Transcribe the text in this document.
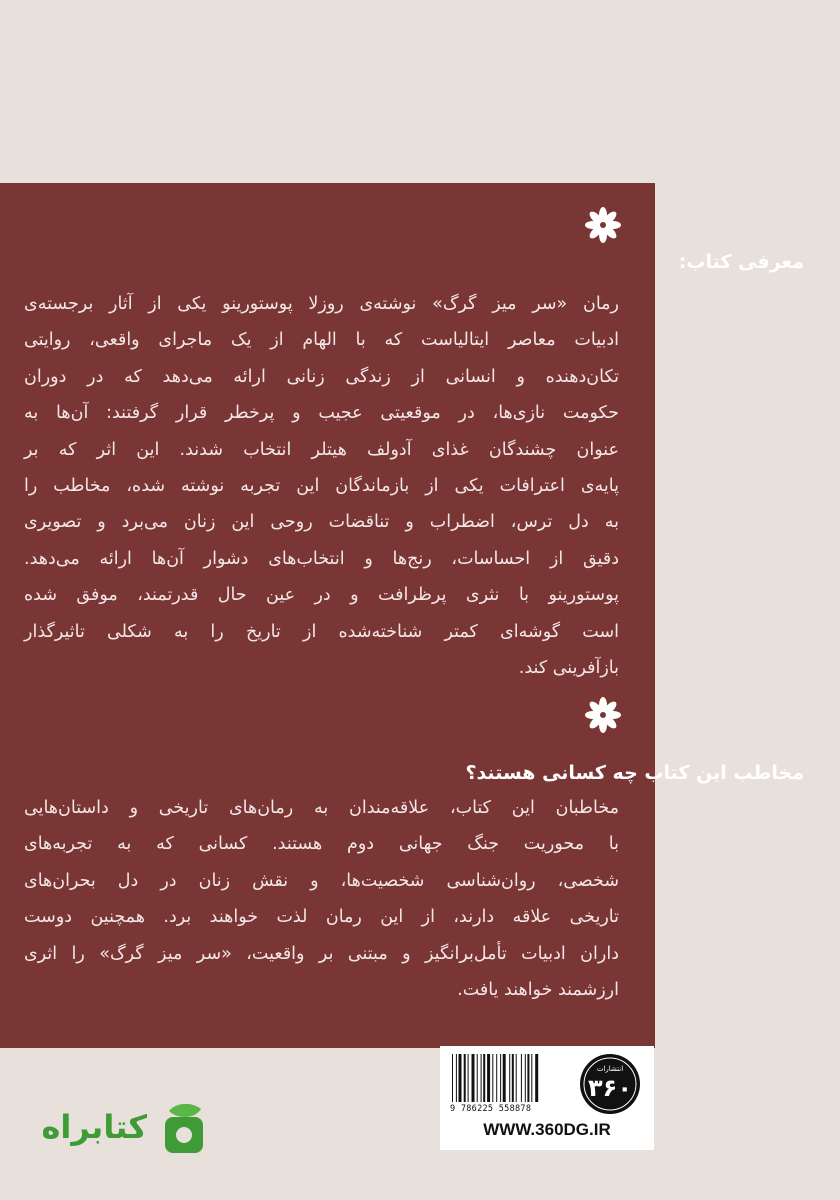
معرفی کتاب:
رمان «سر میز گرگ» نوشته‌ی روزلا پوستورینو یکی از آثار برجسته‌ی
ادبیات معاصر ایتالیاست که با الهام از یک ماجرای واقعی، روایتی
تکان‌دهنده و انسانی از زندگی زنانی ارائه می‌دهد که در دوران
حکومت نازی‌ها، در موقعیتی عجیب و پرخطر قرار گرفتند: آن‌ها به
عنوان چشندگان غذای آدولف هیتلر انتخاب شدند. این اثر که بر
پایه‌ی اعترافات یکی از بازماندگان این تجربه نوشته شده، مخاطب را
به دل ترس، اضطراب و تناقضات روحی این زنان می‌برد و تصویری
دقیق از احساسات، رنج‌ها و انتخاب‌های دشوار آن‌ها ارائه می‌دهد.
پوستورینو با نثری پرظرافت و در عین حال قدرتمند، موفق شده
است گوشه‌ای کمتر شناخته‌شده از تاریخ را به شکلی تاثیرگذار
بازآفرینی کند.
مخاطب این کتاب چه کسانی هستند؟
مخاطبان این کتاب، علاقه‌مندان به رمان‌های تاریخی و داستان‌هایی
با محوریت جنگ جهانی دوم هستند. کسانی که به تجربه‌های
شخصی، روان‌شناسی شخصیت‌ها، و نقش زنان در دل بحران‌های
تاریخی علاقه دارند، از این رمان لذت خواهند برد. همچنین دوست
داران ادبیات تأمل‌برانگیز و مبتنی بر واقعیت، «سر میز گرگ» را اثری
ارزشمند خواهند یافت.
9 786225 558878
انتشارات
۳۶۰
WWW.360DG.IR
کتابراه
